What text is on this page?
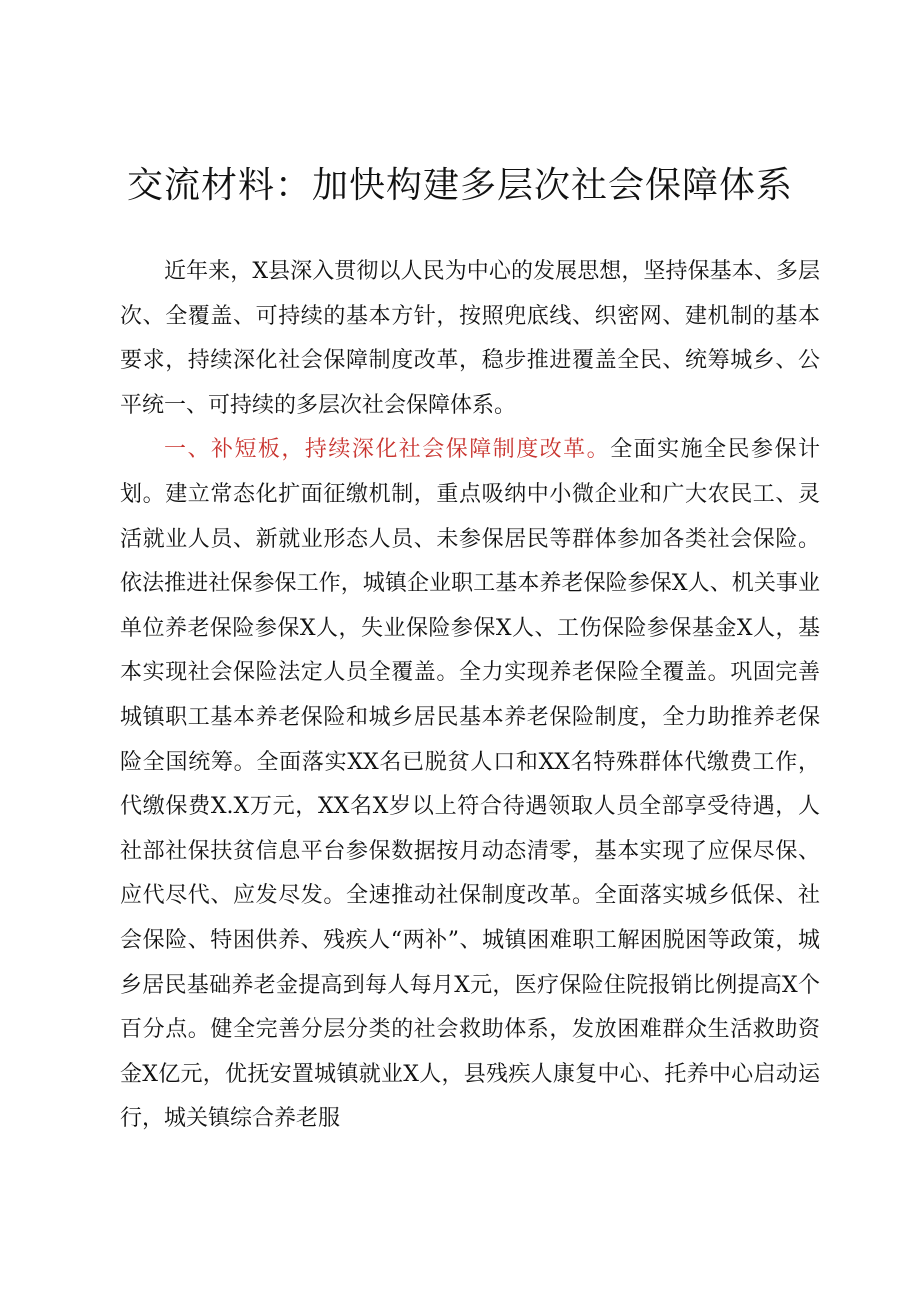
交流材料：加快构建多层次社会保障体系

近年来，X县深入贯彻以人民为中心的发展思想，坚持保基本、多层次、全覆盖、可持续的基本方针，按照兜底线、织密网、建机制的基本要求，持续深化社会保障制度改革，稳步推进覆盖全民、统筹城乡、公平统一、可持续的多层次社会保障体系。

一、补短板，持续深化社会保障制度改革。全面实施全民参保计划。建立常态化扩面征缴机制，重点吸纳中小微企业和广大农民工、灵活就业人员、新就业形态人员、未参保居民等群体参加各类社会保险。依法推进社保参保工作，城镇企业职工基本养老保险参保X人、机关事业单位养老保险参保X人，失业保险参保X人、工伤保险参保基金X人，基本实现社会保险法定人员全覆盖。全力实现养老保险全覆盖。巩固完善城镇职工基本养老保险和城乡居民基本养老保险制度，全力助推养老保险全国统筹。全面落实XX名已脱贫人口和XX名特殊群体代缴费工作，代缴保费X.X万元，XX名X岁以上符合待遇领取人员全部享受待遇，人社部社保扶贫信息平台参保数据按月动态清零，基本实现了应保尽保、应代尽代、应发尽发。全速推动社保制度改革。全面落实城乡低保、社会保险、特困供养、残疾人“两补”、城镇困难职工解困脱困等政策，城乡居民基础养老金提高到每人每月X元，医疗保险住院报销比例提高X个百分点。健全完善分层分类的社会救助体系，发放困难群众生活救助资金X亿元，优抚安置城镇就业X人，县残疾人康复中心、托养中心启动运行，城关镇综合养老服
